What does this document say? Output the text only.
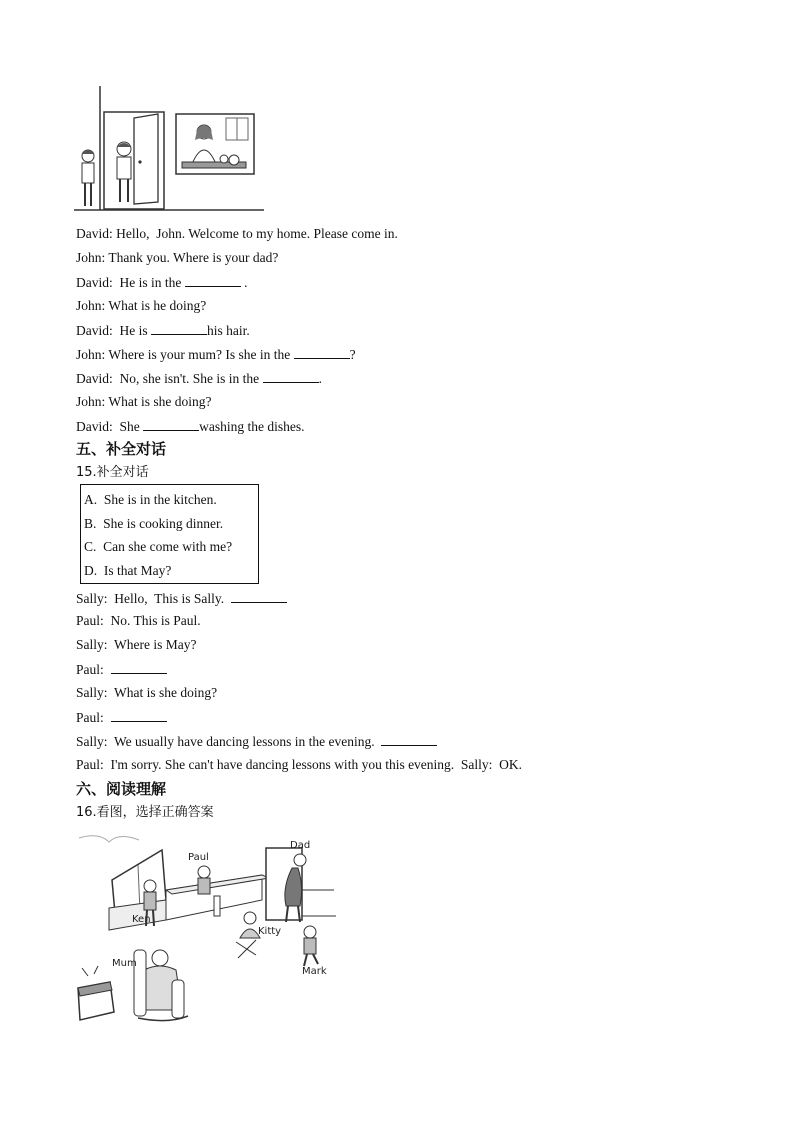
David: Hello,  John. Welcome to my home. Please come in.
John: Thank you. Where is your dad?
David:  He is in the	.
John: What is he doing?
David:  He is	his hair.
John: Where is your mum? Is she in the	?
David:  No, she isn't. She is in the	.
John: What is she doing?
David:  She	washing the dishes.
五、补全对话
15.补全对话
A.  She is in the kitchen.
B.  She is cooking dinner.
C.  Can she come with me?
D.  Is that May?
Sally:  Hello,  This is Sally.
Paul:  No. This is Paul.
Sally:  Where is May?
Paul:
Sally:  What is she doing?
Paul:
Sally:  We usually have dancing lessons in the evening.
Paul:  I'm sorry. She can't have dancing lessons with you this evening.  Sally:  OK.
六、阅读理解
16.看图，选择正确答案
Paul
Dad
Ken
Kitty
Mum
Mark
